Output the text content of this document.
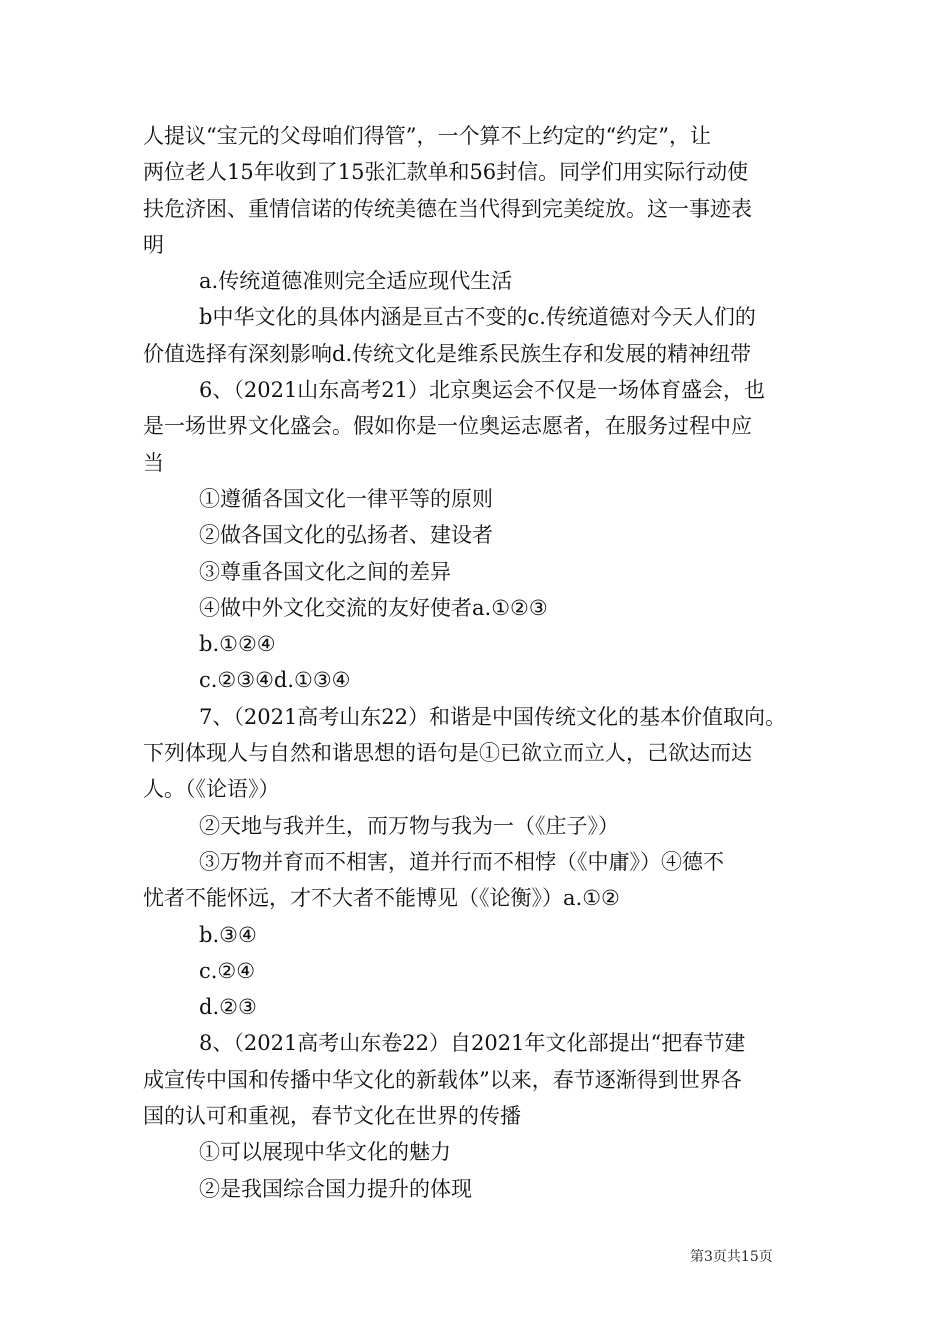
人提议“宝元的父母咱们得管”，一个算不上约定的“约定”，让
两位老人15年收到了15张汇款单和56封信。同学们用实际行动使
扶危济困、重情信诺的传统美德在当代得到完美绽放。这一事迹表
明
a.传统道德准则完全适应现代生活
b中华文化的具体内涵是亘古不变的c.传统道德对今天人们的
价值选择有深刻影响d.传统文化是维系民族生存和发展的精神纽带
6、（2021山东高考21）北京奥运会不仅是一场体育盛会，也
是一场世界文化盛会。假如你是一位奥运志愿者，在服务过程中应
当
①遵循各国文化一律平等的原则
②做各国文化的弘扬者、建设者
③尊重各国文化之间的差异
④做中外文化交流的友好使者a.①②③
b.①②④
c.②③④d.①③④
7、（2021高考山东22）和谐是中国传统文化的基本价值取向。
下列体现人与自然和谐思想的语句是①已欲立而立人，己欲达而达
人。（《论语》）
②天地与我并生，而万物与我为一（《庄子》）
③万物并育而不相害，道并行而不相悖（《中庸》）④德不
忧者不能怀远，才不大者不能博见（《论衡》）a.①②
b.③④
c.②④
d.②③
8、（2021高考山东卷22）自2021年文化部提出“把春节建
成宣传中国和传播中华文化的新载体”以来，春节逐渐得到世界各
国的认可和重视，春节文化在世界的传播
①可以展现中华文化的魅力
②是我国综合国力提升的体现
第3页共15页
